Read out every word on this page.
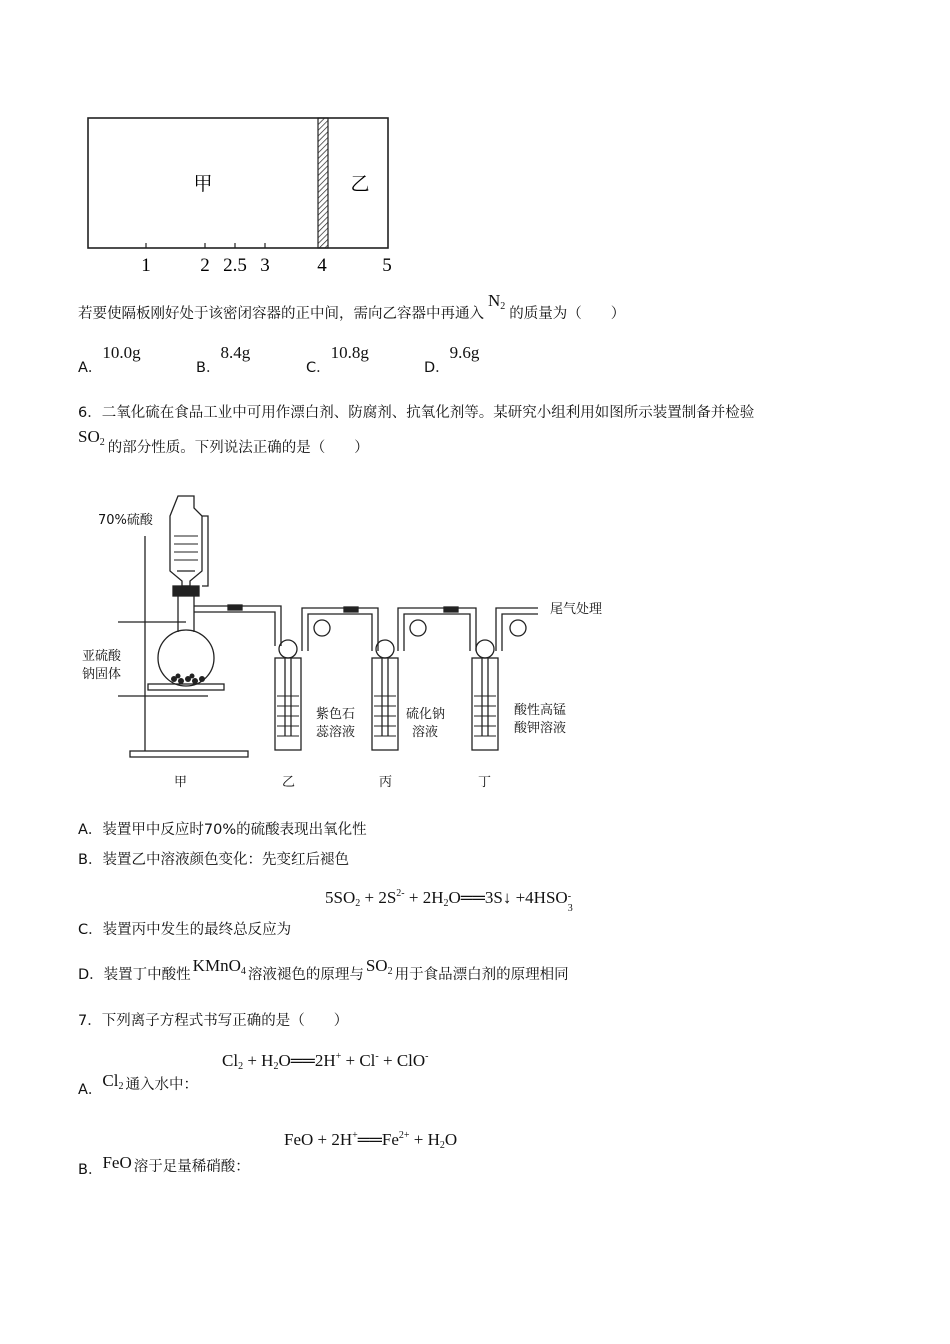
甲	乙
1	2 2.5 3	4	5
若要使隔板刚好处于该密闭容器的正中间，需向乙容器中再通入$N_2$ 的质量为（　　）
A．10.0g
B．8.4g
C．10.8g
D．9.6g
6．二氧化硫在食品工业中可用作漂白剂、防腐剂、抗氧化剂等。某研究小组利用如图所示装置制备并检验
$SO_2$ 的部分性质。下列说法正确的是（　　）
尾气处理
70%硫酸
亚硫酸
钠固体
紫色石
蕊溶液
硫化钠
溶液
酸性高锰
酸钾溶液
甲	乙	丙	丁
A．装置甲中反应时70%的硫酸表现出氧化性
B．装置乙中溶液颜色变化：先变红后褪色
$5SO_2 + 2S^{2-}$ + $2H_2O══3S↓ +4HSO$ -
3
C．装置丙中发生的最终总反应为
D．装置丁中酸性 KMnO$_4$ 溶液褪色的原理与 $SO_2$ 用于食品漂白剂的原理相同
7．下列离子方程式书写正确的是（　　）
$Cl_2$ + $H_2O══2H^+ + Cl^- + ClO^-$
A．$Cl_2$ 通入水中：
FeO + $2H^+══Fe^{2+} + H_2O$
B．FeO 溶于足量稀硝酸：
